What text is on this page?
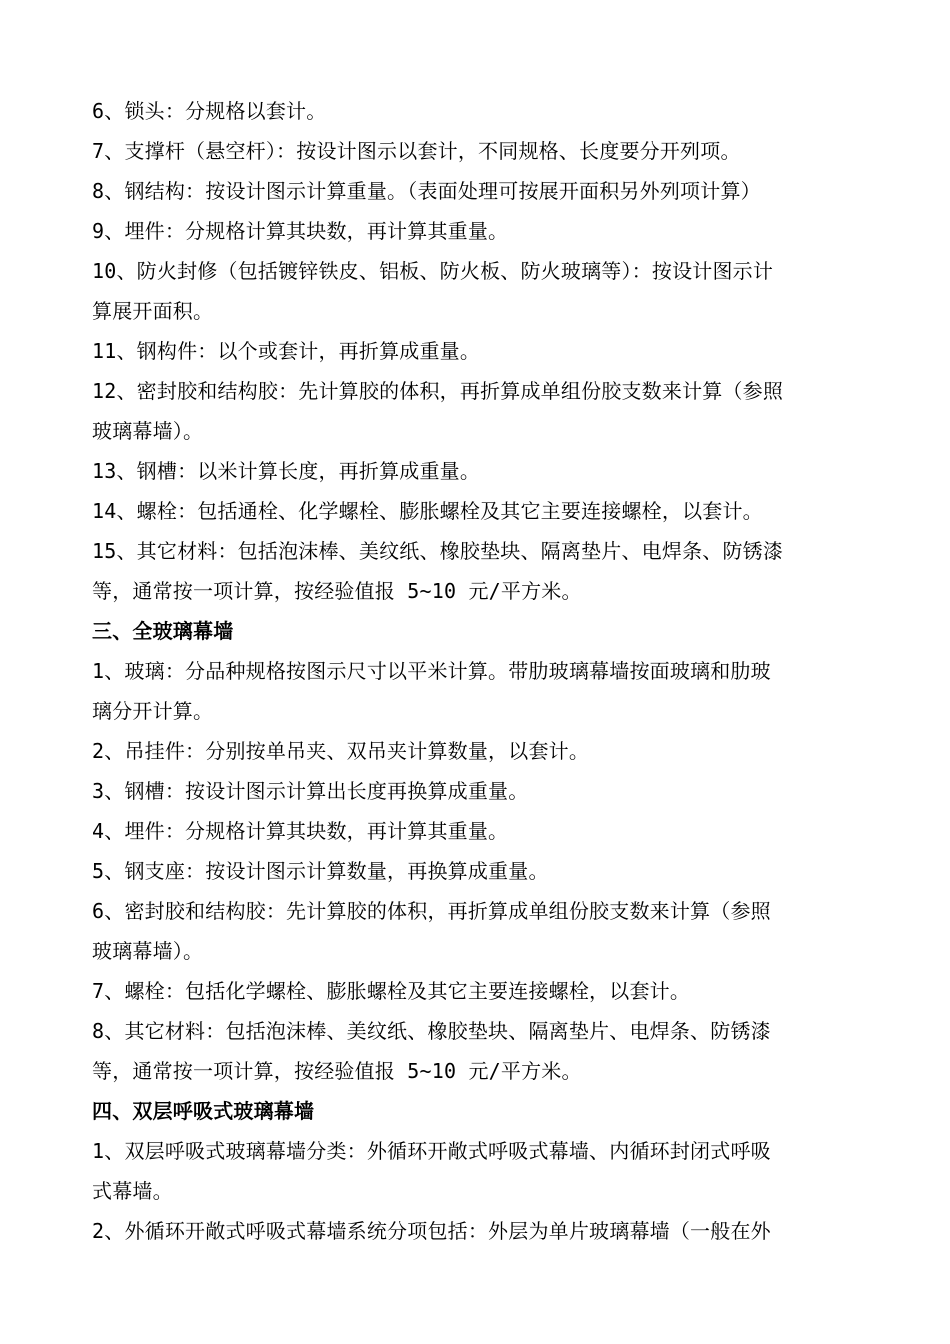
6、锁头：分规格以套计。
7、支撑杆（悬空杆）：按设计图示以套计，不同规格、长度要分开列项。
8、钢结构：按设计图示计算重量。（表面处理可按展开面积另外列项计算）
9、埋件：分规格计算其块数，再计算其重量。
10、防火封修（包括镀锌铁皮、铝板、防火板、防火玻璃等）：按设计图示计
算展开面积。
11、钢构件：以个或套计，再折算成重量。
12、密封胶和结构胶：先计算胶的体积，再折算成单组份胶支数来计算（参照
玻璃幕墙）。
13、钢槽：以米计算长度，再折算成重量。
14、螺栓：包括通栓、化学螺栓、膨胀螺栓及其它主要连接螺栓，以套计。
15、其它材料：包括泡沫棒、美纹纸、橡胶垫块、隔离垫片、电焊条、防锈漆
等，通常按一项计算，按经验值报 5~10 元/平方米。
三、全玻璃幕墙
1、玻璃：分品种规格按图示尺寸以平米计算。带肋玻璃幕墙按面玻璃和肋玻
璃分开计算。
2、吊挂件：分别按单吊夹、双吊夹计算数量，以套计。
3、钢槽：按设计图示计算出长度再换算成重量。
4、埋件：分规格计算其块数，再计算其重量。
5、钢支座：按设计图示计算数量，再换算成重量。
6、密封胶和结构胶：先计算胶的体积，再折算成单组份胶支数来计算（参照
玻璃幕墙）。
7、螺栓：包括化学螺栓、膨胀螺栓及其它主要连接螺栓，以套计。
8、其它材料：包括泡沫棒、美纹纸、橡胶垫块、隔离垫片、电焊条、防锈漆
等，通常按一项计算，按经验值报 5~10 元/平方米。
四、双层呼吸式玻璃幕墙
1、双层呼吸式玻璃幕墙分类：外循环开敞式呼吸式幕墙、内循环封闭式呼吸
式幕墙。
2、外循环开敞式呼吸式幕墙系统分项包括：外层为单片玻璃幕墙（一般在外
